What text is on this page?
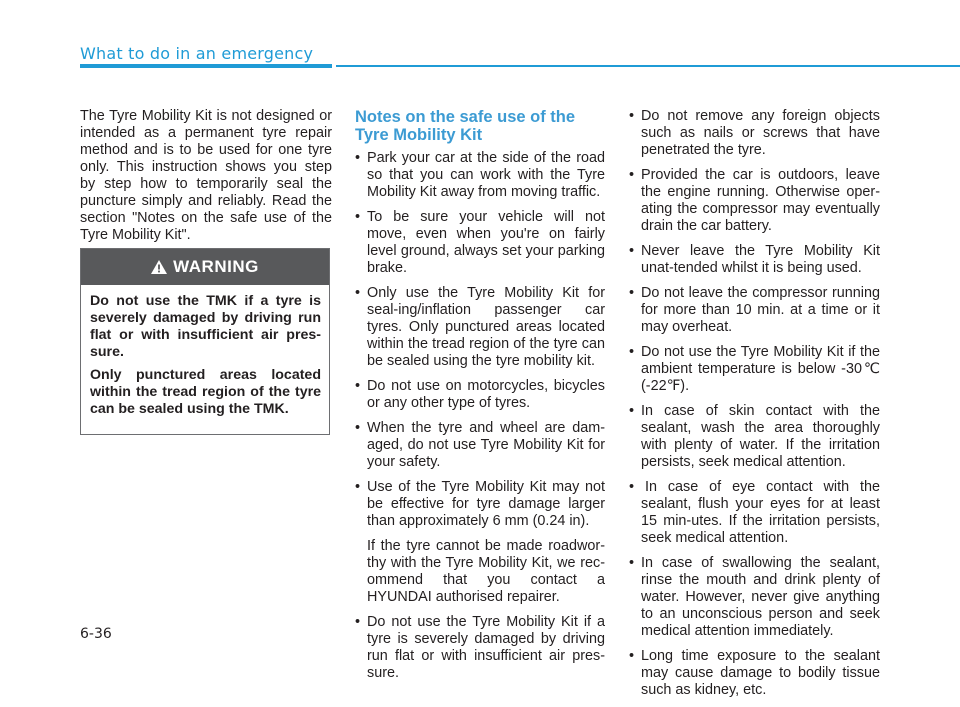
What to do in an emergency

The Tyre Mobility Kit is not designed or intended as a permanent tyre repair method and is to be used for one tyre only. This instruction shows you step by step how to temporarily seal the puncture simply and reliably. Read the section "Notes on the safe use of the Tyre Mobility Kit".

WARNING

Do not use the TMK if a tyre is severely damaged by driving run flat or with insufficient air pres-sure.

Only punctured areas located within the tread region of the tyre can be sealed using the TMK.

Notes on the safe use of the Tyre Mobility Kit
• Park your car at the side of the road so that you can work with the Tyre Mobility Kit away from moving traffic.
• To be sure your vehicle will not move, even when you're on fairly level ground, always set your parking brake.
• Only use the Tyre Mobility Kit for seal-ing/inflation passenger car tyres. Only punctured areas located within the tread region of the tyre can be sealed using the tyre mobility kit.
• Do not use on motorcycles, bicycles or any other type of tyres.
• When the tyre and wheel are dam-aged, do not use Tyre Mobility Kit for your safety.
• Use of the Tyre Mobility Kit may not be effective for tyre damage larger than approximately 6 mm (0.24 in).

If the tyre cannot be made roadwor-thy with the Tyre Mobility Kit, we rec-ommend that you contact a HYUNDAI authorised repairer.

• Do not use the Tyre Mobility Kit if a tyre is severely damaged by driving run flat or with insufficient air pres-sure.
• Do not remove any foreign objects such as nails or screws that have penetrated the tyre.
• Provided the car is outdoors, leave the engine running. Otherwise oper-ating the compressor may eventually drain the car battery.
• Never leave the Tyre Mobility Kit unat-tended whilst it is being used.
• Do not leave the compressor running for more than 10 min. at a time or it may overheat.
• Do not use the Tyre Mobility Kit if the ambient temperature is below -30℃ (-22℉).
• In case of skin contact with the sealant, wash the area thoroughly with plenty of water. If the irritation persists, seek medical attention.
• In case of eye contact with the sealant, flush your eyes for at least 15 min-utes. If the irritation persists, seek medical attention.
• In case of swallowing the sealant, rinse the mouth and drink plenty of water. However, never give anything to an unconscious person and seek medical attention immediately.
• Long time exposure to the sealant may cause damage to bodily tissue such as kidney, etc.
6-36
